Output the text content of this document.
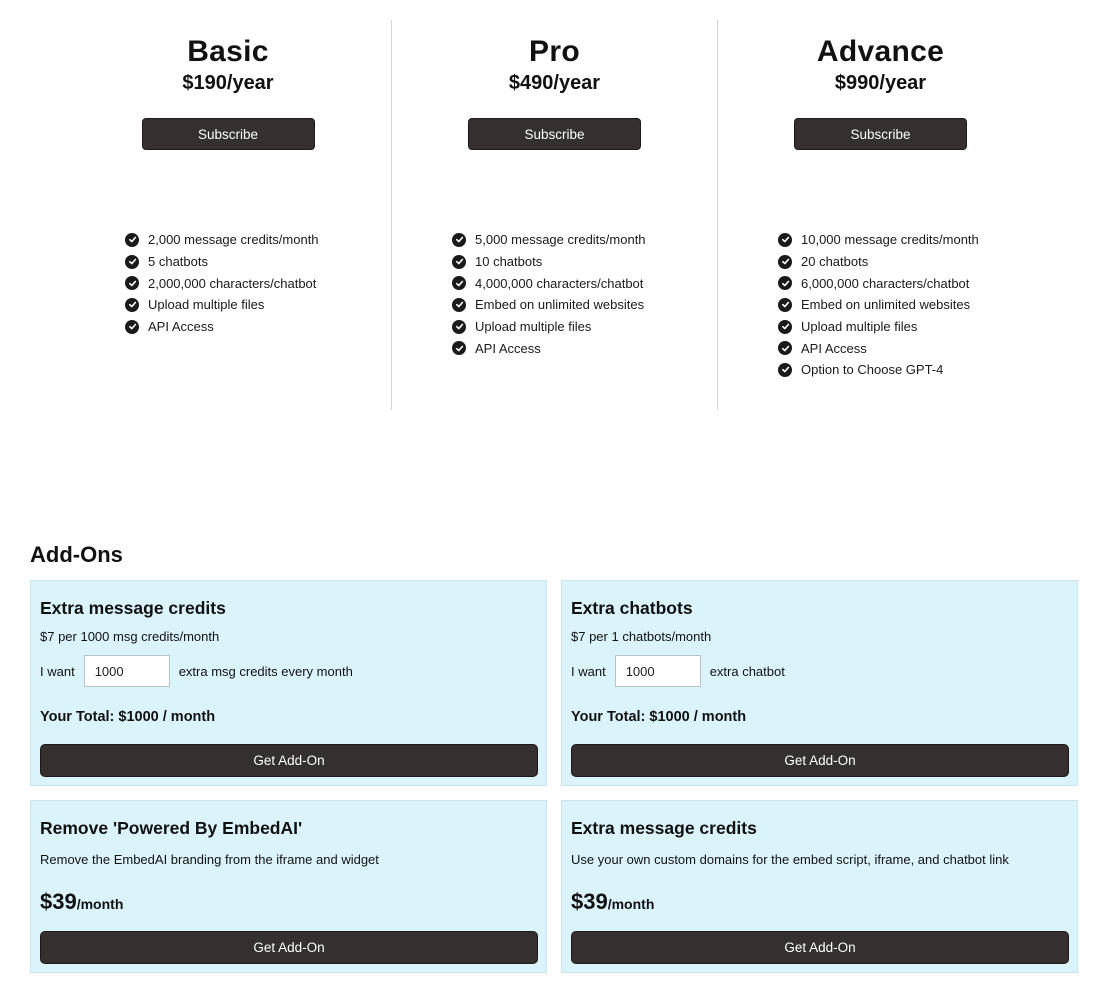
Basic
$190/year
Subscribe
2,000 message credits/month
5 chatbots
2,000,000 characters/chatbot
Upload multiple files
API Access
Pro
$490/year
Subscribe
5,000 message credits/month
10 chatbots
4,000,000 characters/chatbot
Embed on unlimited websites
Upload multiple files
API Access
Advance
$990/year
Subscribe
10,000 message credits/month
20 chatbots
6,000,000 characters/chatbot
Embed on unlimited websites
Upload multiple files
API Access
Option to Choose GPT-4
Add-Ons
Extra message credits
$7 per 1000 msg credits/month
I want
1000	extra msg credits every month
Your Total: $1000 / month
Get Add-On
Extra chatbots
$7 per 1 chatbots/month
I want
1000	extra chatbot
Your Total: $1000 / month
Get Add-On
Remove 'Powered By EmbedAI'
Remove the EmbedAI branding from the iframe and widget
$39/month
Get Add-On
Extra message credits
Use your own custom domains for the embed script, iframe, and chatbot link
$39/month
Get Add-On
